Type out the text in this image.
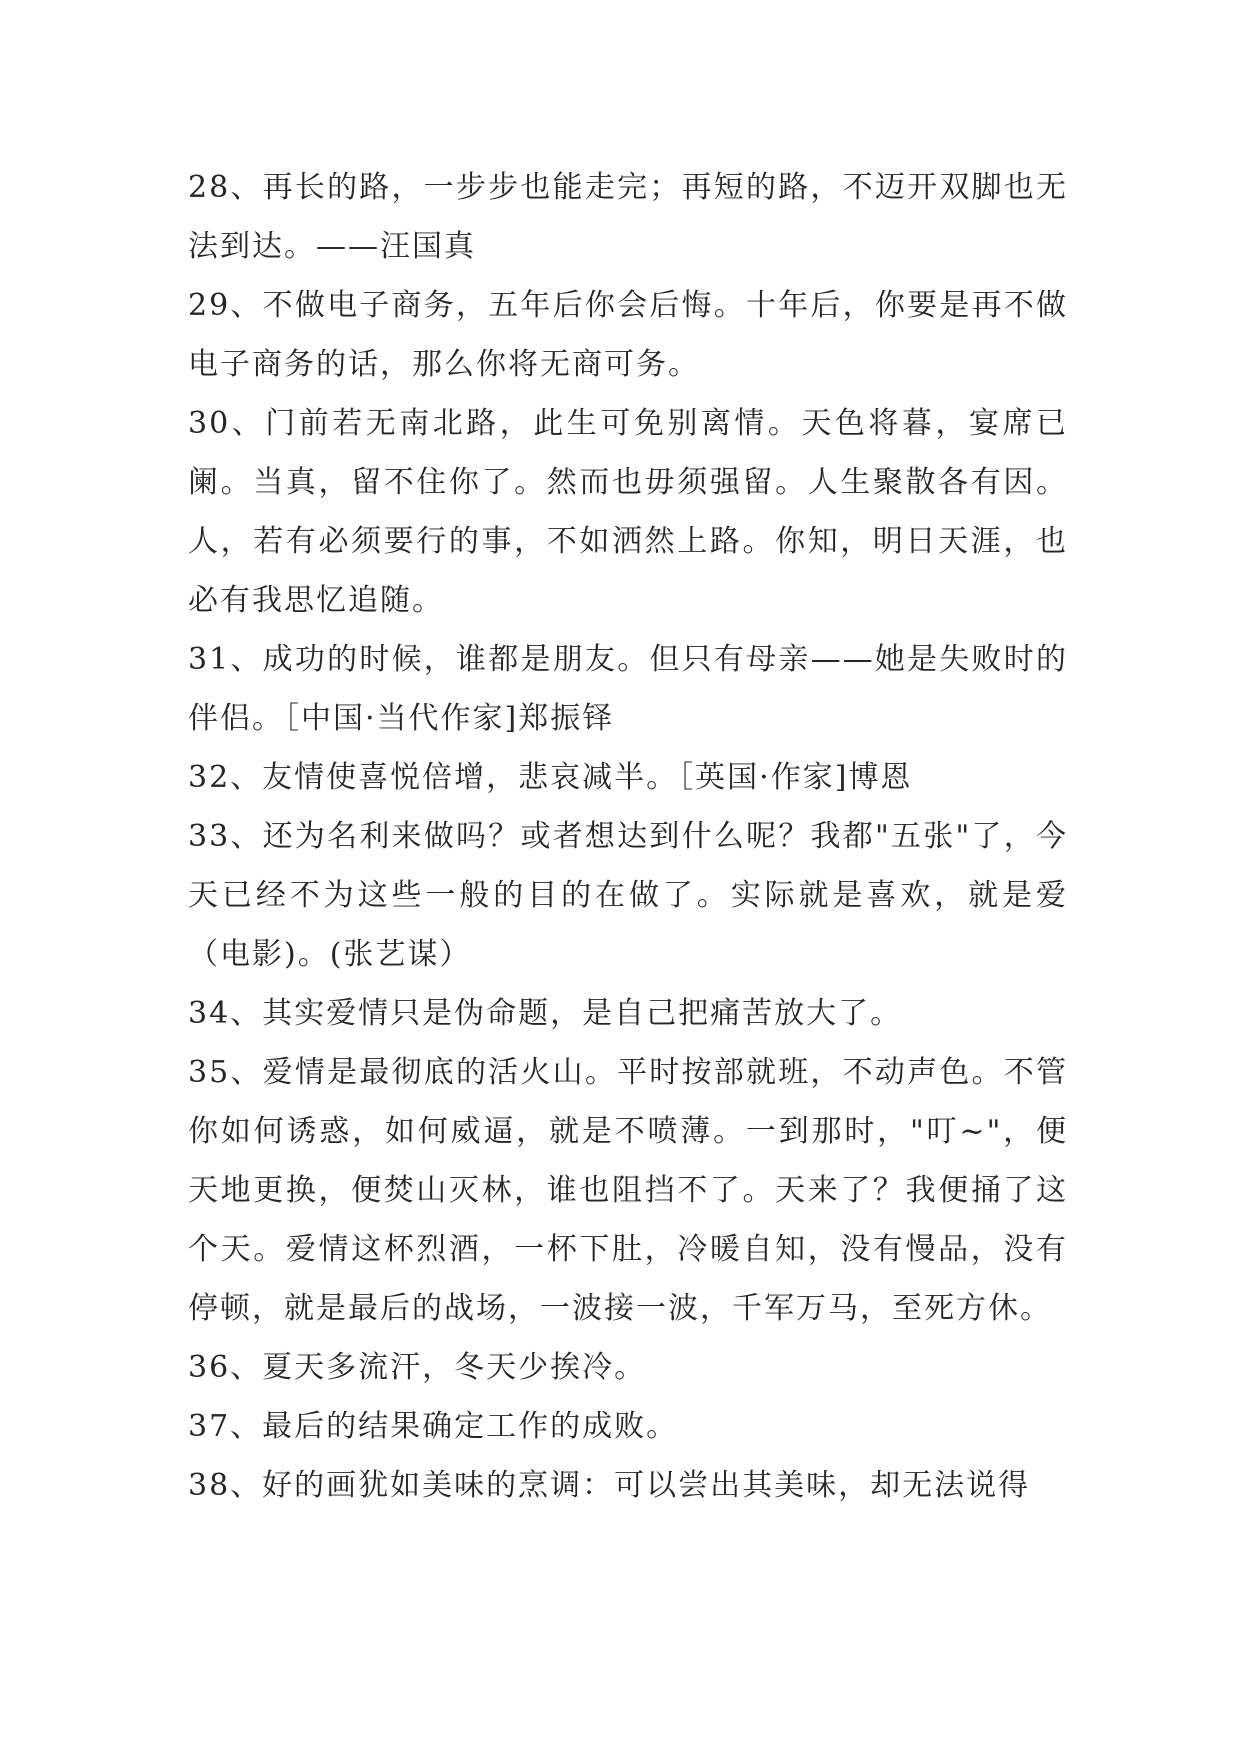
28、再长的路，一步步也能走完；再短的路，不迈开双脚也无法到达。——汪国真

29、不做电子商务，五年后你会后悔。十年后，你要是再不做电子商务的话，那么你将无商可务。

30、门前若无南北路，此生可免别离情。天色将暮，宴席已阑。当真，留不住你了。然而也毋须强留。人生聚散各有因。人，若有必须要行的事，不如洒然上路。你知，明日天涯，也必有我思忆追随。

31、成功的时候，谁都是朋友。但只有母亲——她是失败时的伴侣。［中国·当代作家]郑振铎

32、友情使喜悦倍增，悲哀减半。［英国·作家]博恩

33、还为名利来做吗？或者想达到什么呢？我都"五张"了，今天已经不为这些一般的目的在做了。实际就是喜欢，就是爱（电影)。(张艺谋）

34、其实爱情只是伪命题，是自己把痛苦放大了。

35、爱情是最彻底的活火山。平时按部就班，不动声色。不管你如何诱惑，如何威逼，就是不喷薄。一到那时，"叮~"，便天地更换，便焚山灭林，谁也阻挡不了。天来了？我便捅了这个天。爱情这杯烈酒，一杯下肚，冷暖自知，没有慢品，没有停顿，就是最后的战场，一波接一波，千军万马，至死方休。

36、夏天多流汗，冬天少挨冷。

37、最后的结果确定工作的成败。

38、好的画犹如美味的烹调：可以尝出其美味，却无法说得
